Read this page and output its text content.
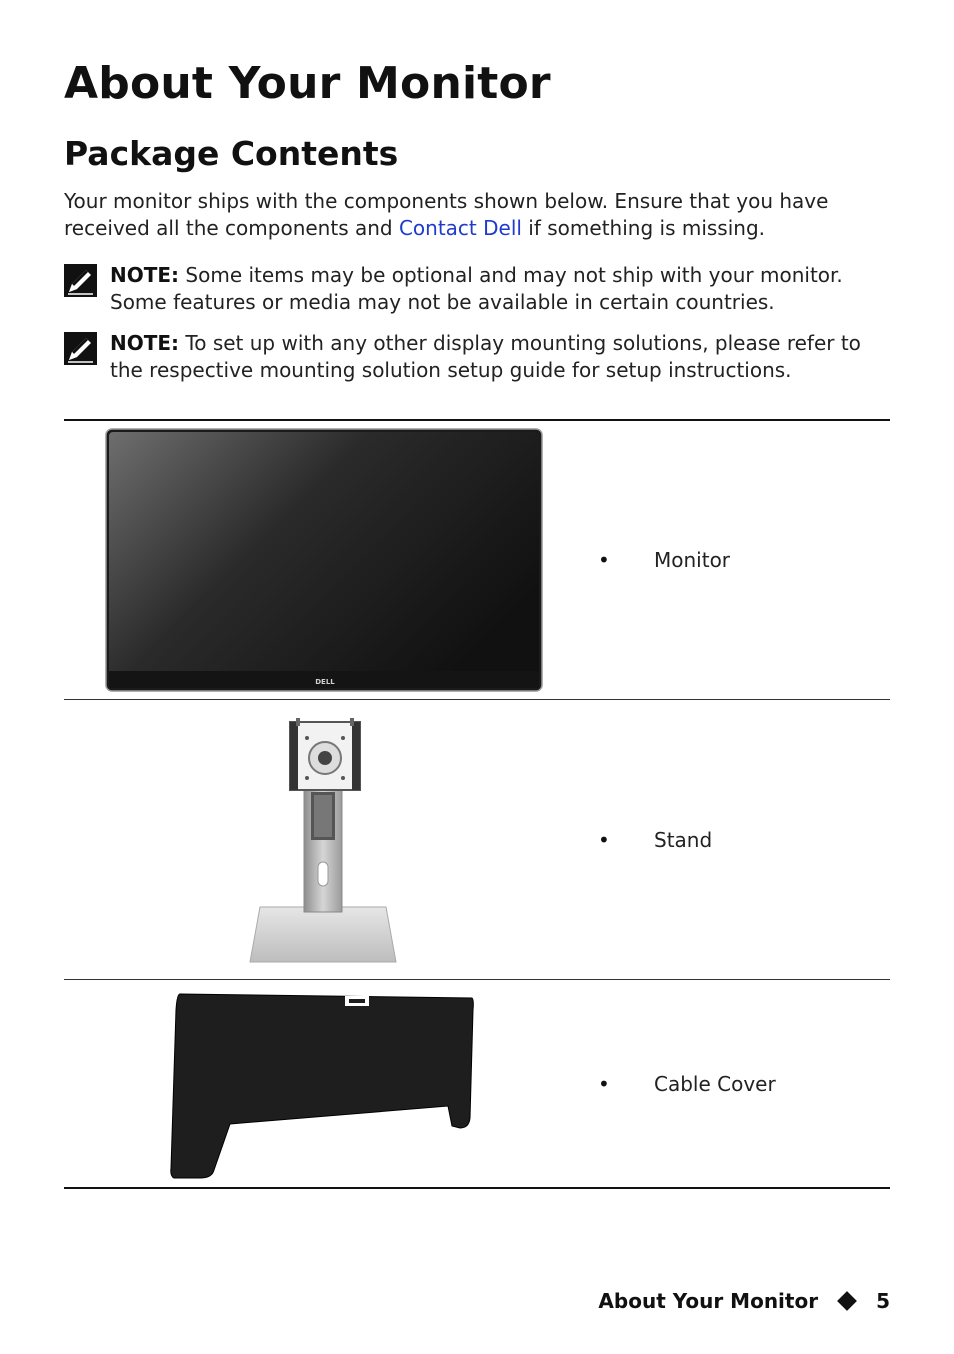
About Your Monitor
Package Contents

Your monitor ships with the components shown below. Ensure that you have received all the components and Contact Dell if something is missing.

NOTE: Some items may be optional and may not ship with your monitor. Some features or media may not be available in certain countries.

NOTE: To set up with any other display mounting solutions, please refer to the respective mounting solution setup guide for setup instructions.

DELL
•	Monitor
•	Stand
•	Cable Cover
About Your Monitor	5
